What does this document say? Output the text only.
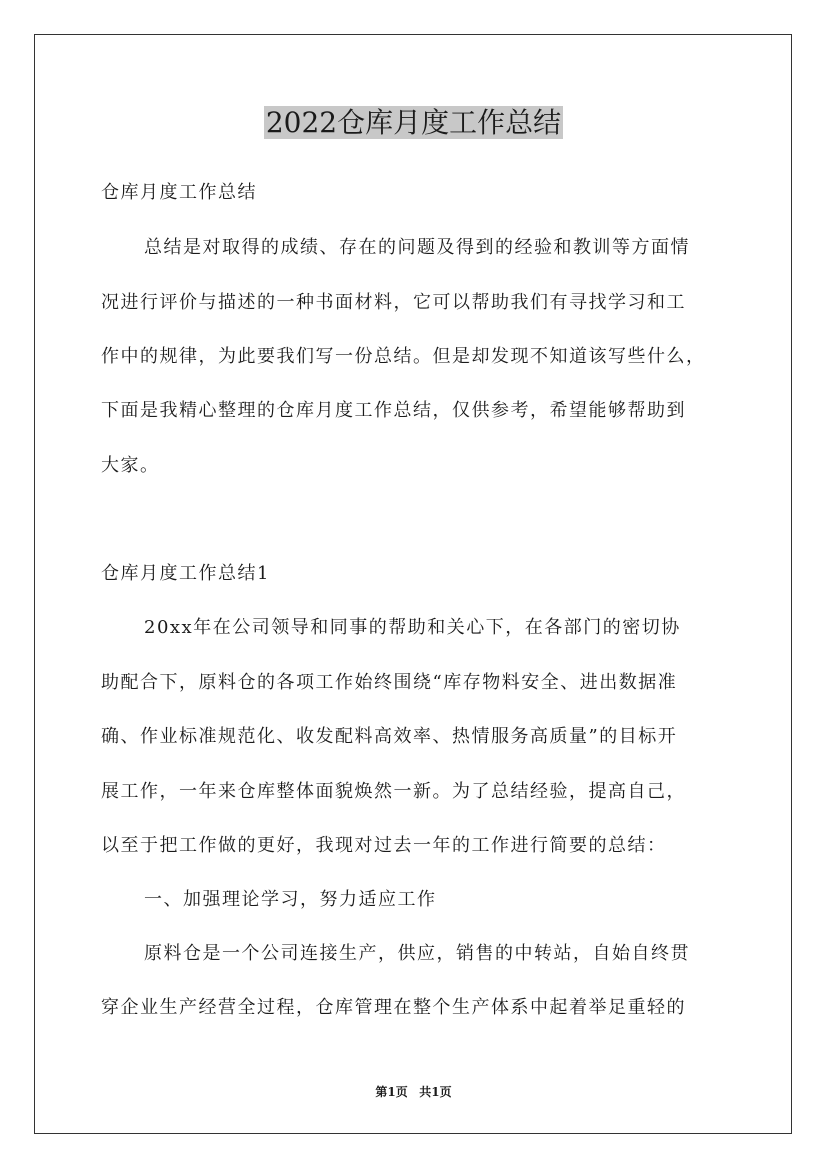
2022仓库月度工作总结
仓库月度工作总结
总结是对取得的成绩、存在的问题及得到的经验和教训等方面情
况进行评价与描述的一种书面材料，它可以帮助我们有寻找学习和工
作中的规律，为此要我们写一份总结。但是却发现不知道该写些什么，
下面是我精心整理的仓库月度工作总结，仅供参考，希望能够帮助到
大家。
仓库月度工作总结1
20xx年在公司领导和同事的帮助和关心下，在各部门的密切协
助配合下，原料仓的各项工作始终围绕“库存物料安全、进出数据准
确、作业标准规范化、收发配料高效率、热情服务高质量”的目标开
展工作，一年来仓库整体面貌焕然一新。为了总结经验，提高自己，
以至于把工作做的更好，我现对过去一年的工作进行简要的总结：
一、加强理论学习，努力适应工作
原料仓是一个公司连接生产，供应，销售的中转站，自始自终贯
穿企业生产经营全过程，仓库管理在整个生产体系中起着举足重轻的
第1页 共1页
